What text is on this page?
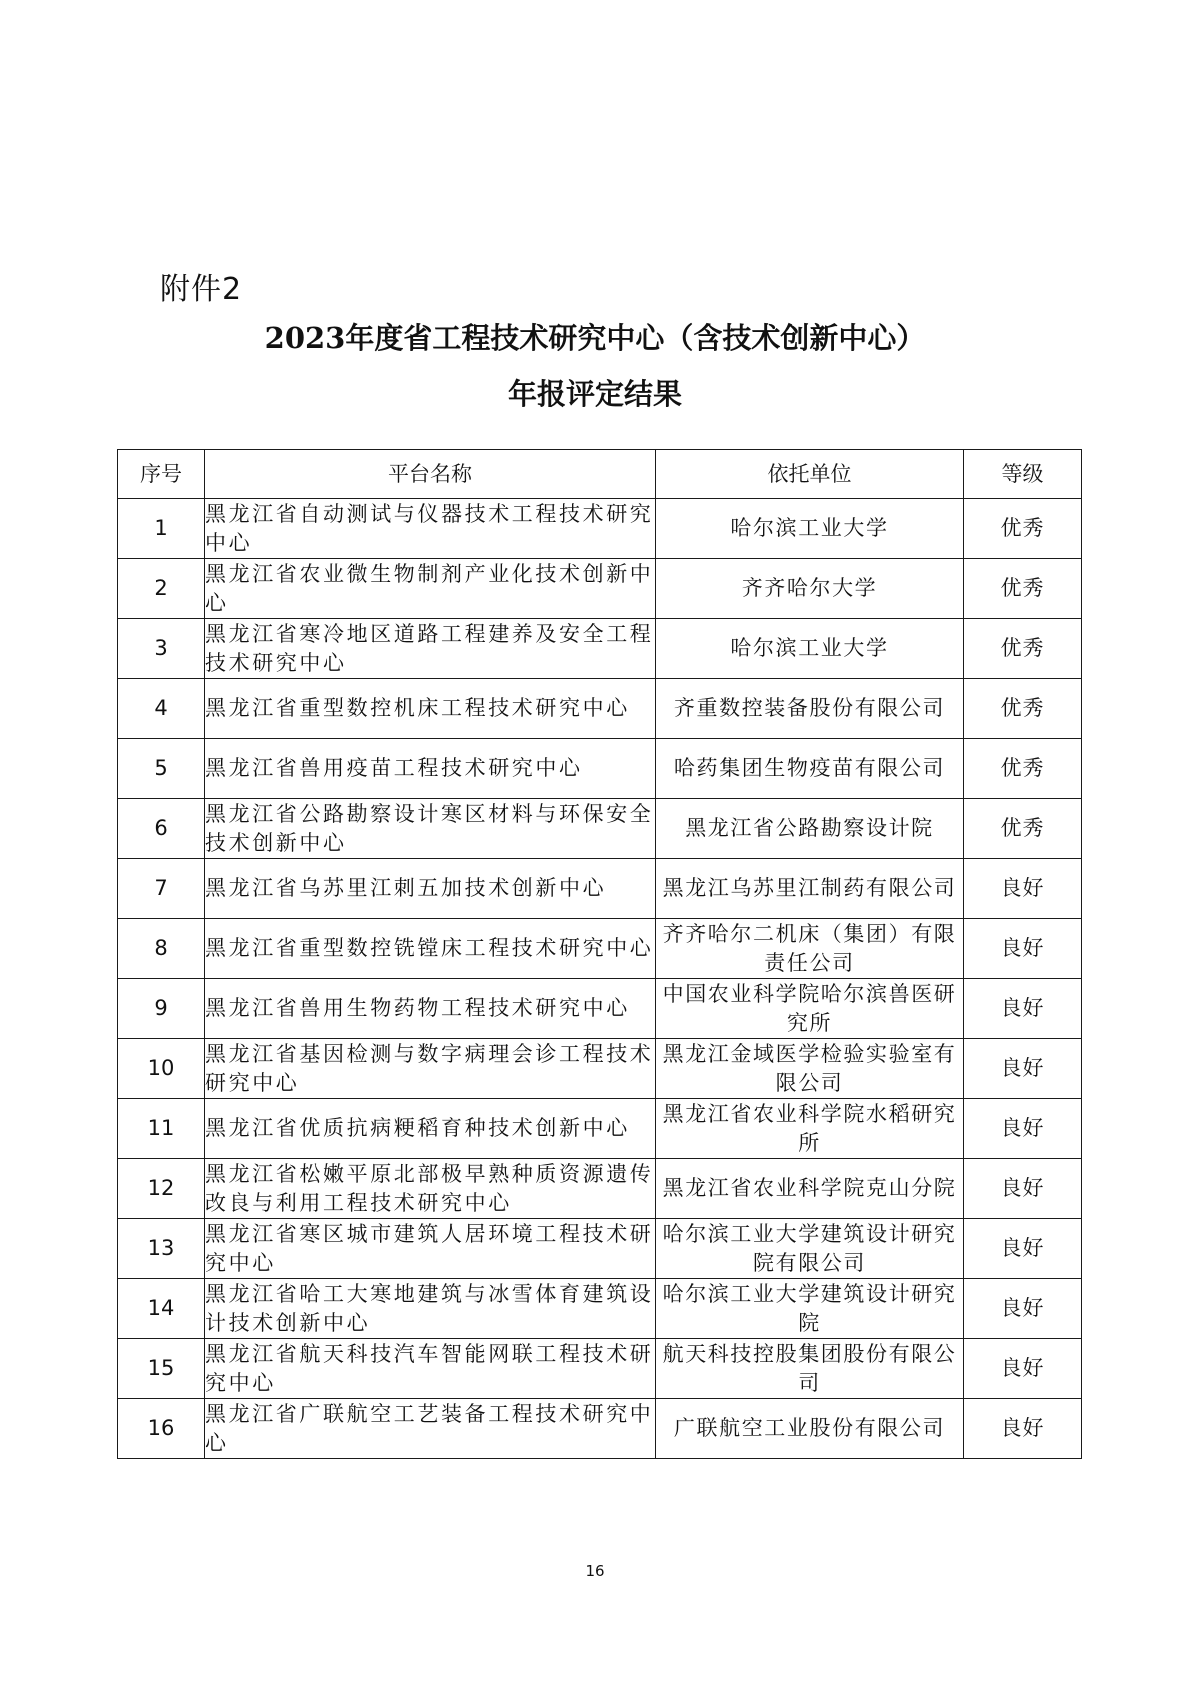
附件2
2023年度省工程技术研究中心（含技术创新中心）
年报评定结果
序号	平台名称	依托单位	等级
1	黑龙江省自动测试与仪器技术工程技术研究中心	哈尔滨工业大学	优秀
2	黑龙江省农业微生物制剂产业化技术创新中心	齐齐哈尔大学	优秀
3	黑龙江省寒冷地区道路工程建养及安全工程技术研究中心	哈尔滨工业大学	优秀
4	黑龙江省重型数控机床工程技术研究中心	齐重数控装备股份有限公司	优秀
5	黑龙江省兽用疫苗工程技术研究中心	哈药集团生物疫苗有限公司	优秀
6	黑龙江省公路勘察设计寒区材料与环保安全技术创新中心	黑龙江省公路勘察设计院	优秀
7	黑龙江省乌苏里江刺五加技术创新中心	黑龙江乌苏里江制药有限公司	良好
8	黑龙江省重型数控铣镗床工程技术研究中心	齐齐哈尔二机床（集团）有限责任公司	良好
9	黑龙江省兽用生物药物工程技术研究中心	中国农业科学院哈尔滨兽医研究所	良好
10	黑龙江省基因检测与数字病理会诊工程技术研究中心	黑龙江金域医学检验实验室有限公司	良好
11	黑龙江省优质抗病粳稻育种技术创新中心	黑龙江省农业科学院水稻研究所	良好
12	黑龙江省松嫩平原北部极早熟种质资源遗传改良与利用工程技术研究中心	黑龙江省农业科学院克山分院	良好
13	黑龙江省寒区城市建筑人居环境工程技术研究中心	哈尔滨工业大学建筑设计研究院有限公司	良好
14	黑龙江省哈工大寒地建筑与冰雪体育建筑设计技术创新中心	哈尔滨工业大学建筑设计研究院	良好
15	黑龙江省航天科技汽车智能网联工程技术研究中心	航天科技控股集团股份有限公司	良好
16	黑龙江省广联航空工艺装备工程技术研究中心	广联航空工业股份有限公司	良好
16
